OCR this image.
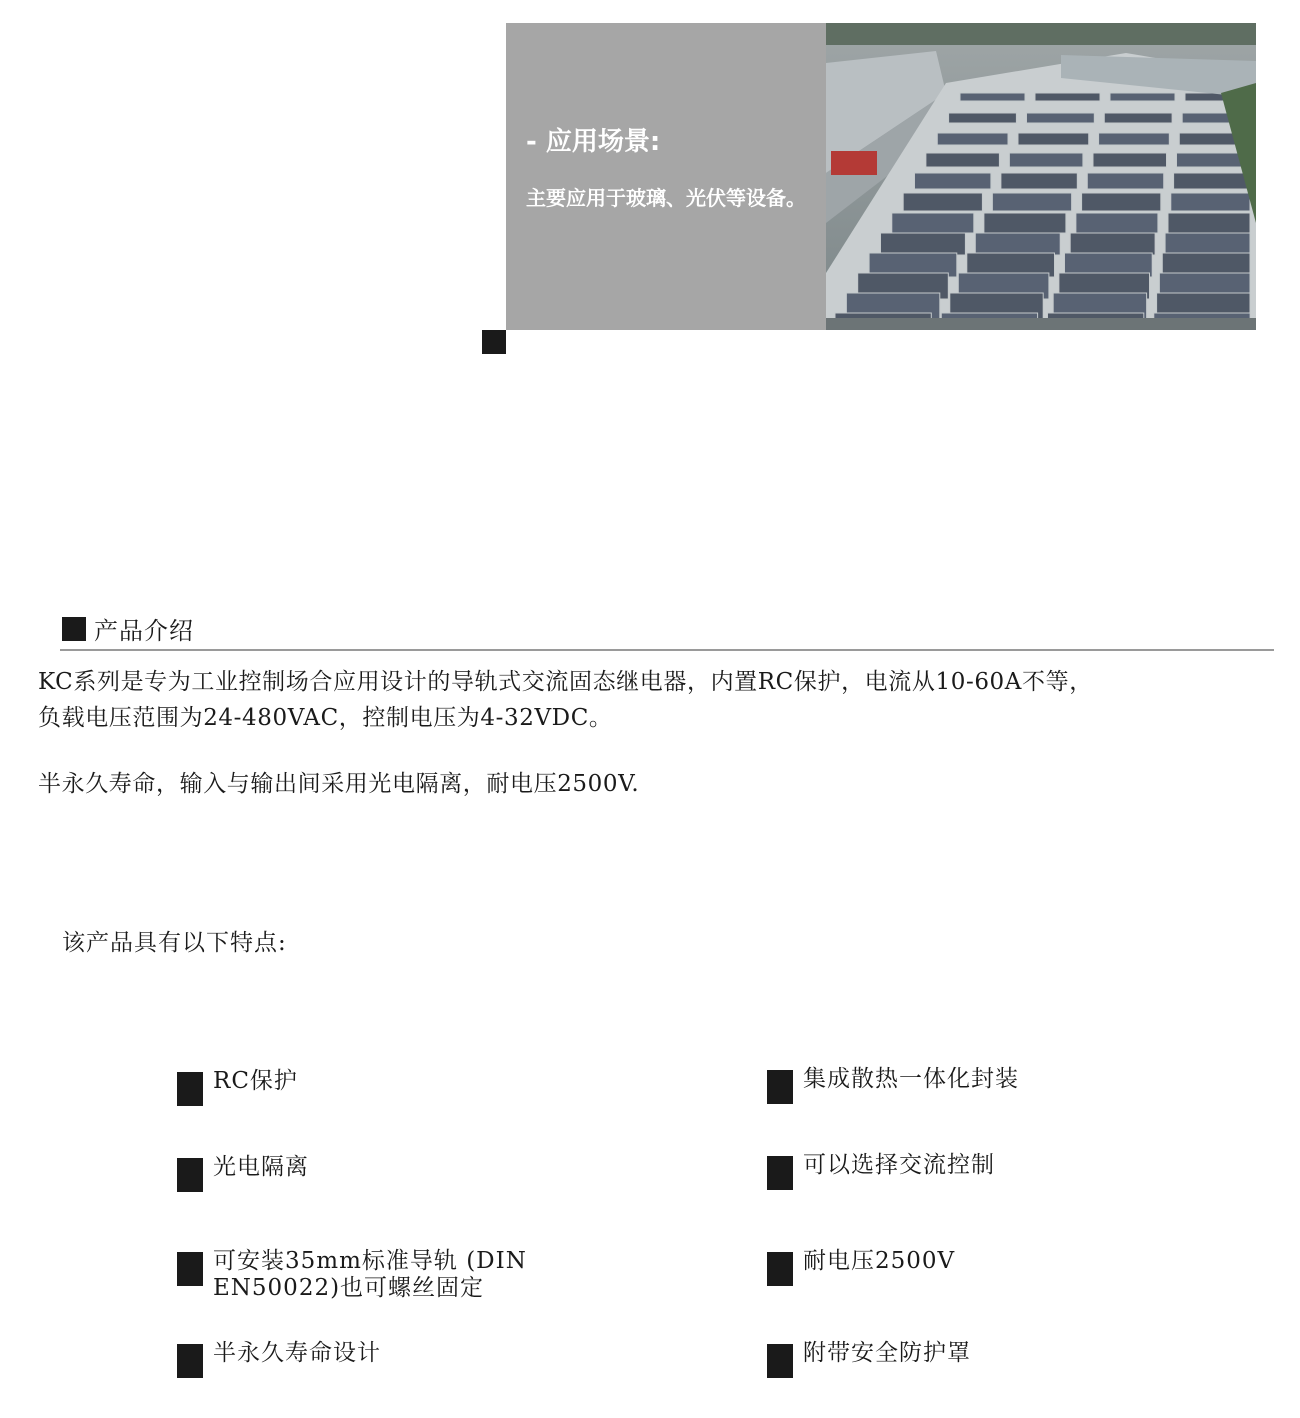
- 应用场景:
主要应用于玻璃、光伏等设备。
产品介绍
KC系列是专为工业控制场合应用设计的导轨式交流固态继电器，内置RC保护，电流从10-60A不等，
负载电压范围为24-480VAC，控制电压为4-32VDC。
半永久寿命，输入与输出间采用光电隔离，耐电压2500V.
该产品具有以下特点:
RC保护	集成散热一体化封装
光电隔离	可以选择交流控制
可安装35mm标准导轨 (DIN EN50022)也可螺丝固定
耐电压2500V
半永久寿命设计	附带安全防护罩
